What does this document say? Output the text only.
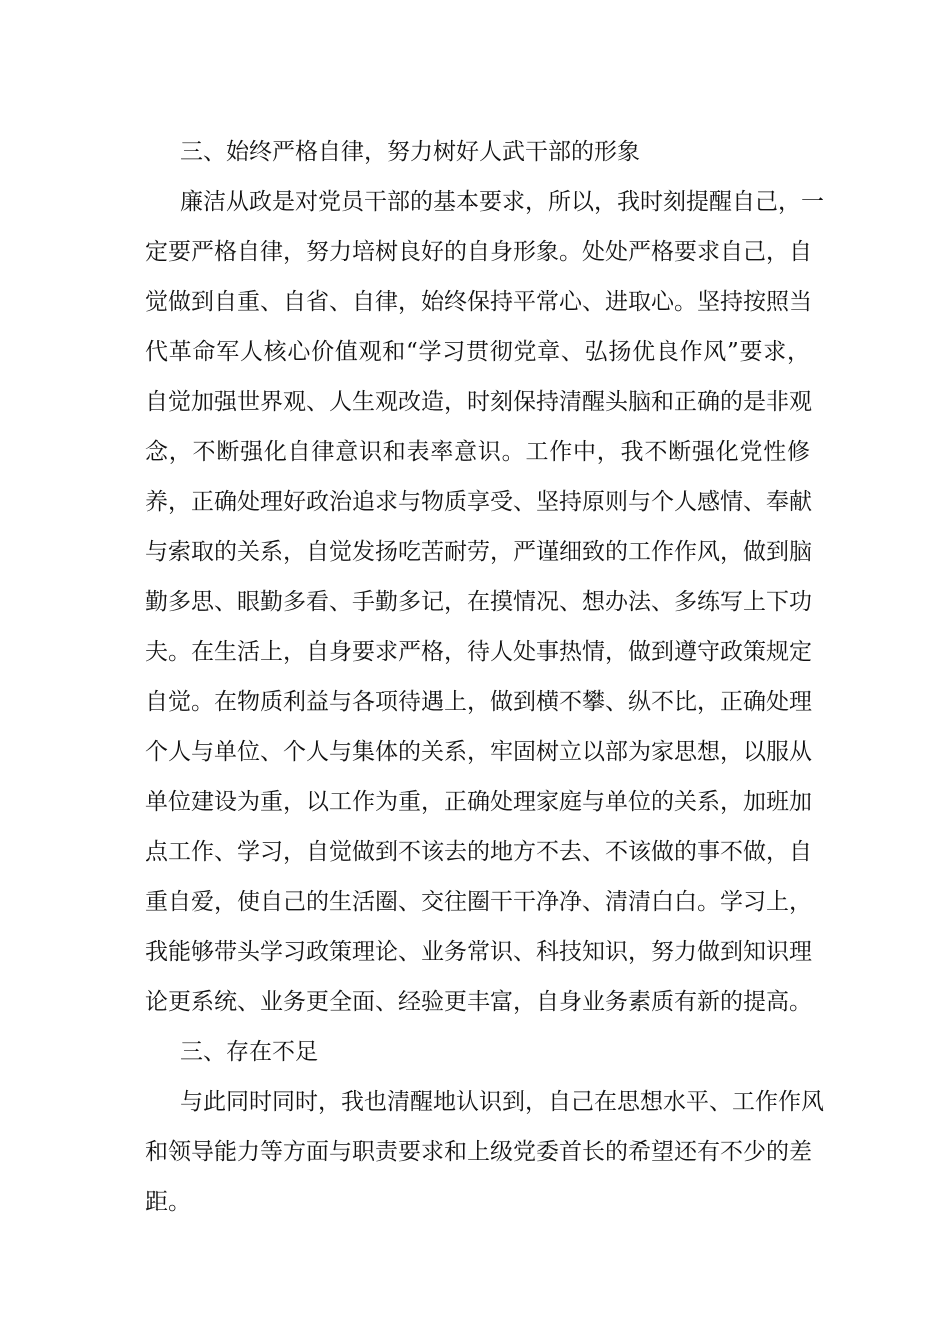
三、始终严格自律，努力树好人武干部的形象
廉洁从政是对党员干部的基本要求，所以，我时刻提醒自己，一
定要严格自律，努力培树良好的自身形象。处处严格要求自己，自
觉做到自重、自省、自律，始终保持平常心、进取心。坚持按照当
代革命军人核心价值观和“学习贯彻党章、弘扬优良作风”要求，
自觉加强世界观、人生观改造，时刻保持清醒头脑和正确的是非观
念，不断强化自律意识和表率意识。工作中，我不断强化党性修
养，正确处理好政治追求与物质享受、坚持原则与个人感情、奉献
与索取的关系，自觉发扬吃苦耐劳，严谨细致的工作作风，做到脑
勤多思、眼勤多看、手勤多记，在摸情况、想办法、多练写上下功
夫。在生活上，自身要求严格，待人处事热情，做到遵守政策规定
自觉。在物质利益与各项待遇上，做到横不攀、纵不比，正确处理
个人与单位、个人与集体的关系，牢固树立以部为家思想，以服从
单位建设为重，以工作为重，正确处理家庭与单位的关系，加班加
点工作、学习，自觉做到不该去的地方不去、不该做的事不做，自
重自爱，使自己的生活圈、交往圈干干净净、清清白白。学习上，
我能够带头学习政策理论、业务常识、科技知识，努力做到知识理
论更系统、业务更全面、经验更丰富，自身业务素质有新的提高。
三、存在不足
与此同时同时，我也清醒地认识到，自己在思想水平、工作作风
和领导能力等方面与职责要求和上级党委首长的希望还有不少的差
距。
